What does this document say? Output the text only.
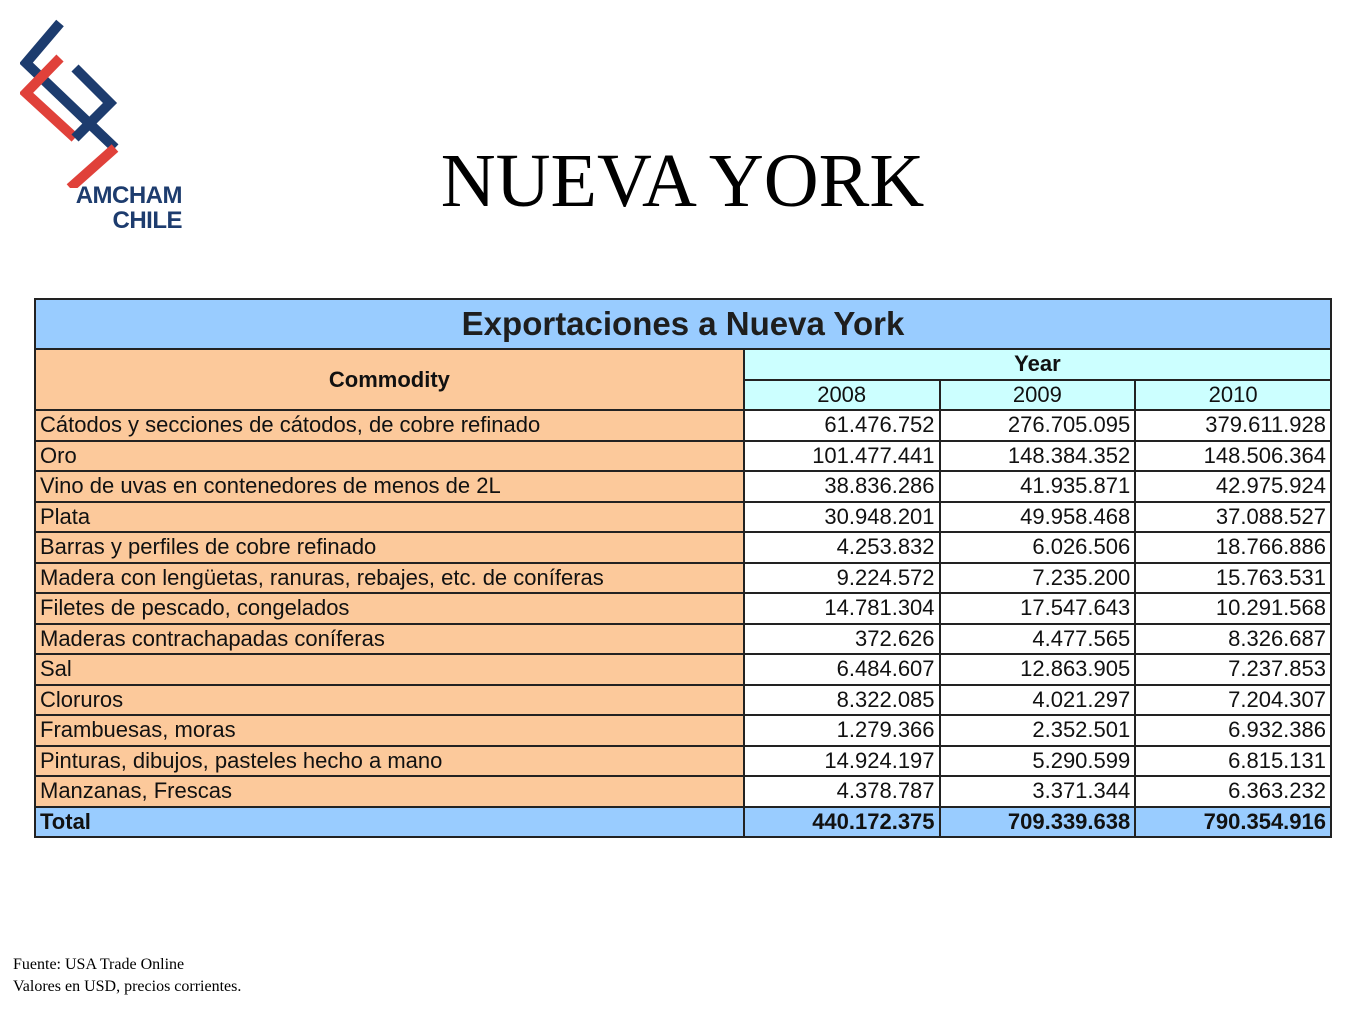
AMCHAM
CHILE	NUEVA YORK
Exportaciones a Nueva York			
Commodity	Year		
	2008	2009	2010
Cátodos y secciones de cátodos, de cobre refinado	61.476.752	276.705.095	379.611.928
Oro	101.477.441	148.384.352	148.506.364
Vino de uvas en contenedores de menos de 2L	38.836.286	41.935.871	42.975.924
Plata	30.948.201	49.958.468	37.088.527
Barras y perfiles de cobre refinado	4.253.832	6.026.506	18.766.886
Madera con lengüetas, ranuras, rebajes, etc. de coníferas	9.224.572	7.235.200	15.763.531
Filetes de pescado, congelados	14.781.304	17.547.643	10.291.568
Maderas contrachapadas coníferas	372.626	4.477.565	8.326.687
Sal	6.484.607	12.863.905	7.237.853
Cloruros	8.322.085	4.021.297	7.204.307
Frambuesas, moras	1.279.366	2.352.501	6.932.386
Pinturas, dibujos, pasteles hecho a mano	14.924.197	5.290.599	6.815.131
Manzanas, Frescas	4.378.787	3.371.344	6.363.232
Total	440.172.375	709.339.638	790.354.916
Fuente: USA Trade Online
Valores en USD, precios corrientes.
